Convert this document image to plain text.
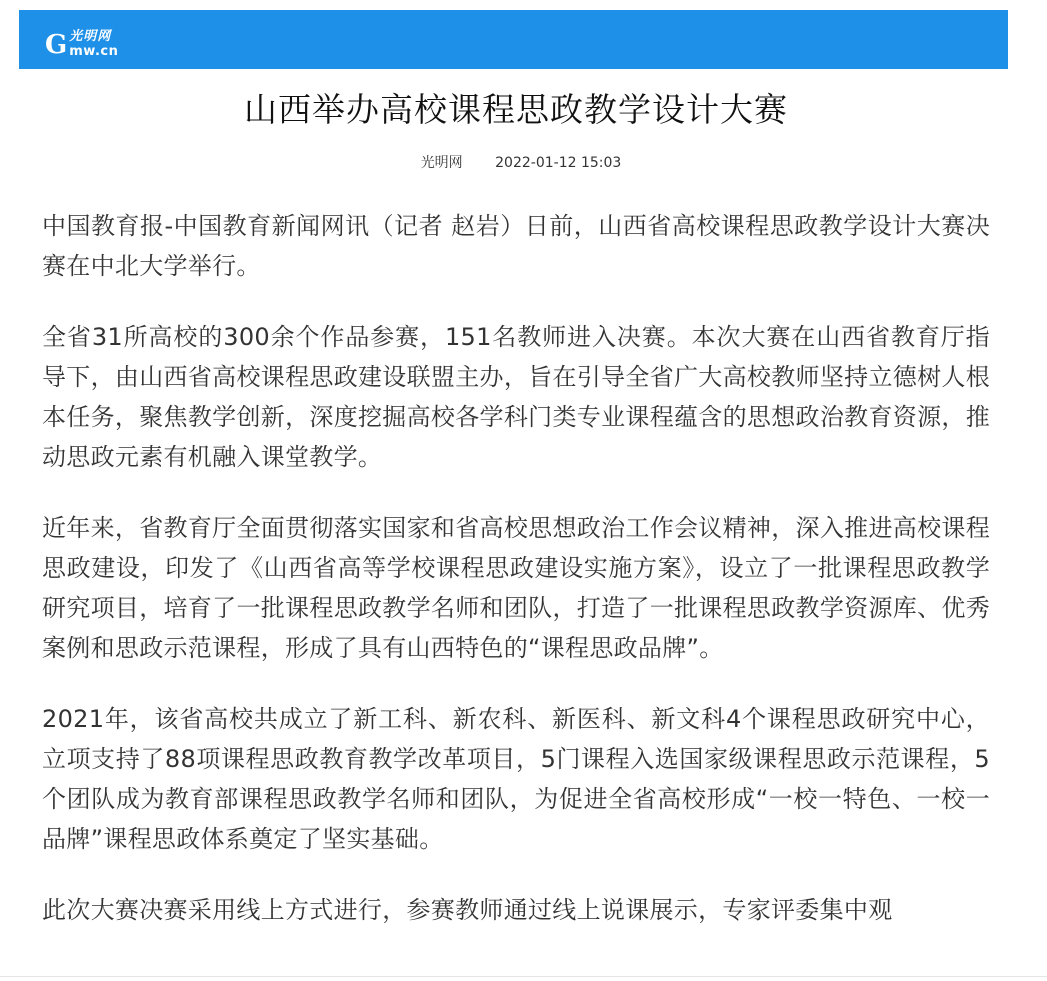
G 光明网
mw.cn
山西举办高校课程思政教学设计大赛
光明网 2022-01-12 15:03

中国教育报-中国教育新闻网讯（记者 赵岩）日前，山西省高校课程思政教学设计大赛决赛在中北大学举行。

全省31所高校的300余个作品参赛，151名教师进入决赛。本次大赛在山西省教育厅指导下，由山西省高校课程思政建设联盟主办，旨在引导全省广大高校教师坚持立德树人根本任务，聚焦教学创新，深度挖掘高校各学科门类专业课程蕴含的思想政治教育资源，推动思政元素有机融入课堂教学。

近年来，省教育厅全面贯彻落实国家和省高校思想政治工作会议精神，深入推进高校课程思政建设，印发了《山西省高等学校课程思政建设实施方案》，设立了一批课程思政教学研究项目，培育了一批课程思政教学名师和团队，打造了一批课程思政教学资源库、优秀案例和思政示范课程，形成了具有山西特色的“课程思政品牌”。

2021年，该省高校共成立了新工科、新农科、新医科、新文科4个课程思政研究中心，立项支持了88项课程思政教育教学改革项目，5门课程入选国家级课程思政示范课程，5个团队成为教育部课程思政教学名师和团队，为促进全省高校形成“一校一特色、一校一品牌”课程思政体系奠定了坚实基础。

此次大赛决赛采用线上方式进行，参赛教师通过线上说课展示，专家评委集中观
